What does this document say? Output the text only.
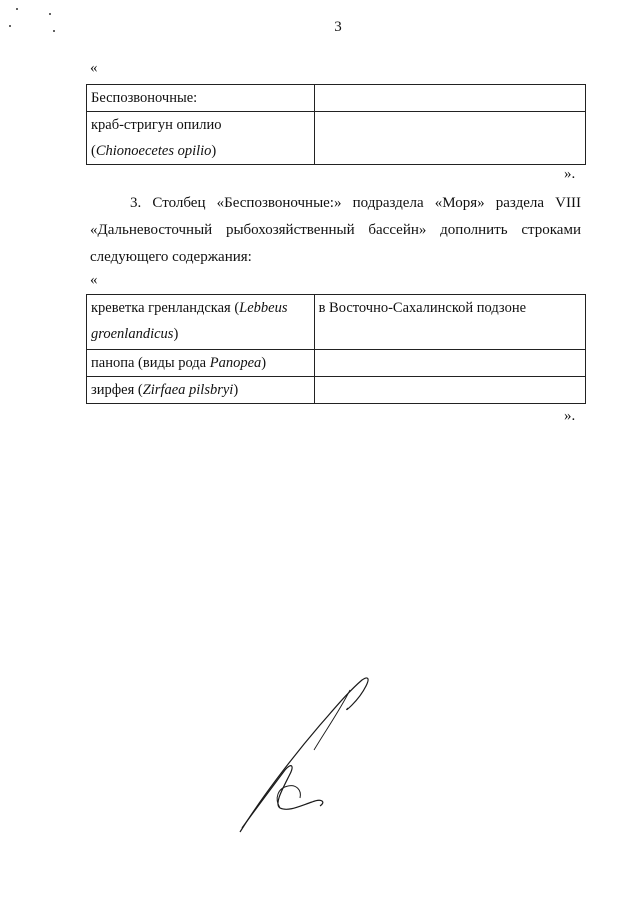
3
«
Беспозвоночные:	
краб-стригун опилио
(Chionoecetes opilio)	
».
3. Столбец «Беспозвоночные:» подраздела «Моря» раздела VIII
«Дальневосточный рыбохозяйственный бассейн» дополнить строками
следующего содержания:
«
креветка гренландская (Lebbeus
groenlandicus)	в Восточно-Сахалинской подзоне
панопа (виды рода Panopea)	
зирфея (Zirfaea pilsbryi)	
».
